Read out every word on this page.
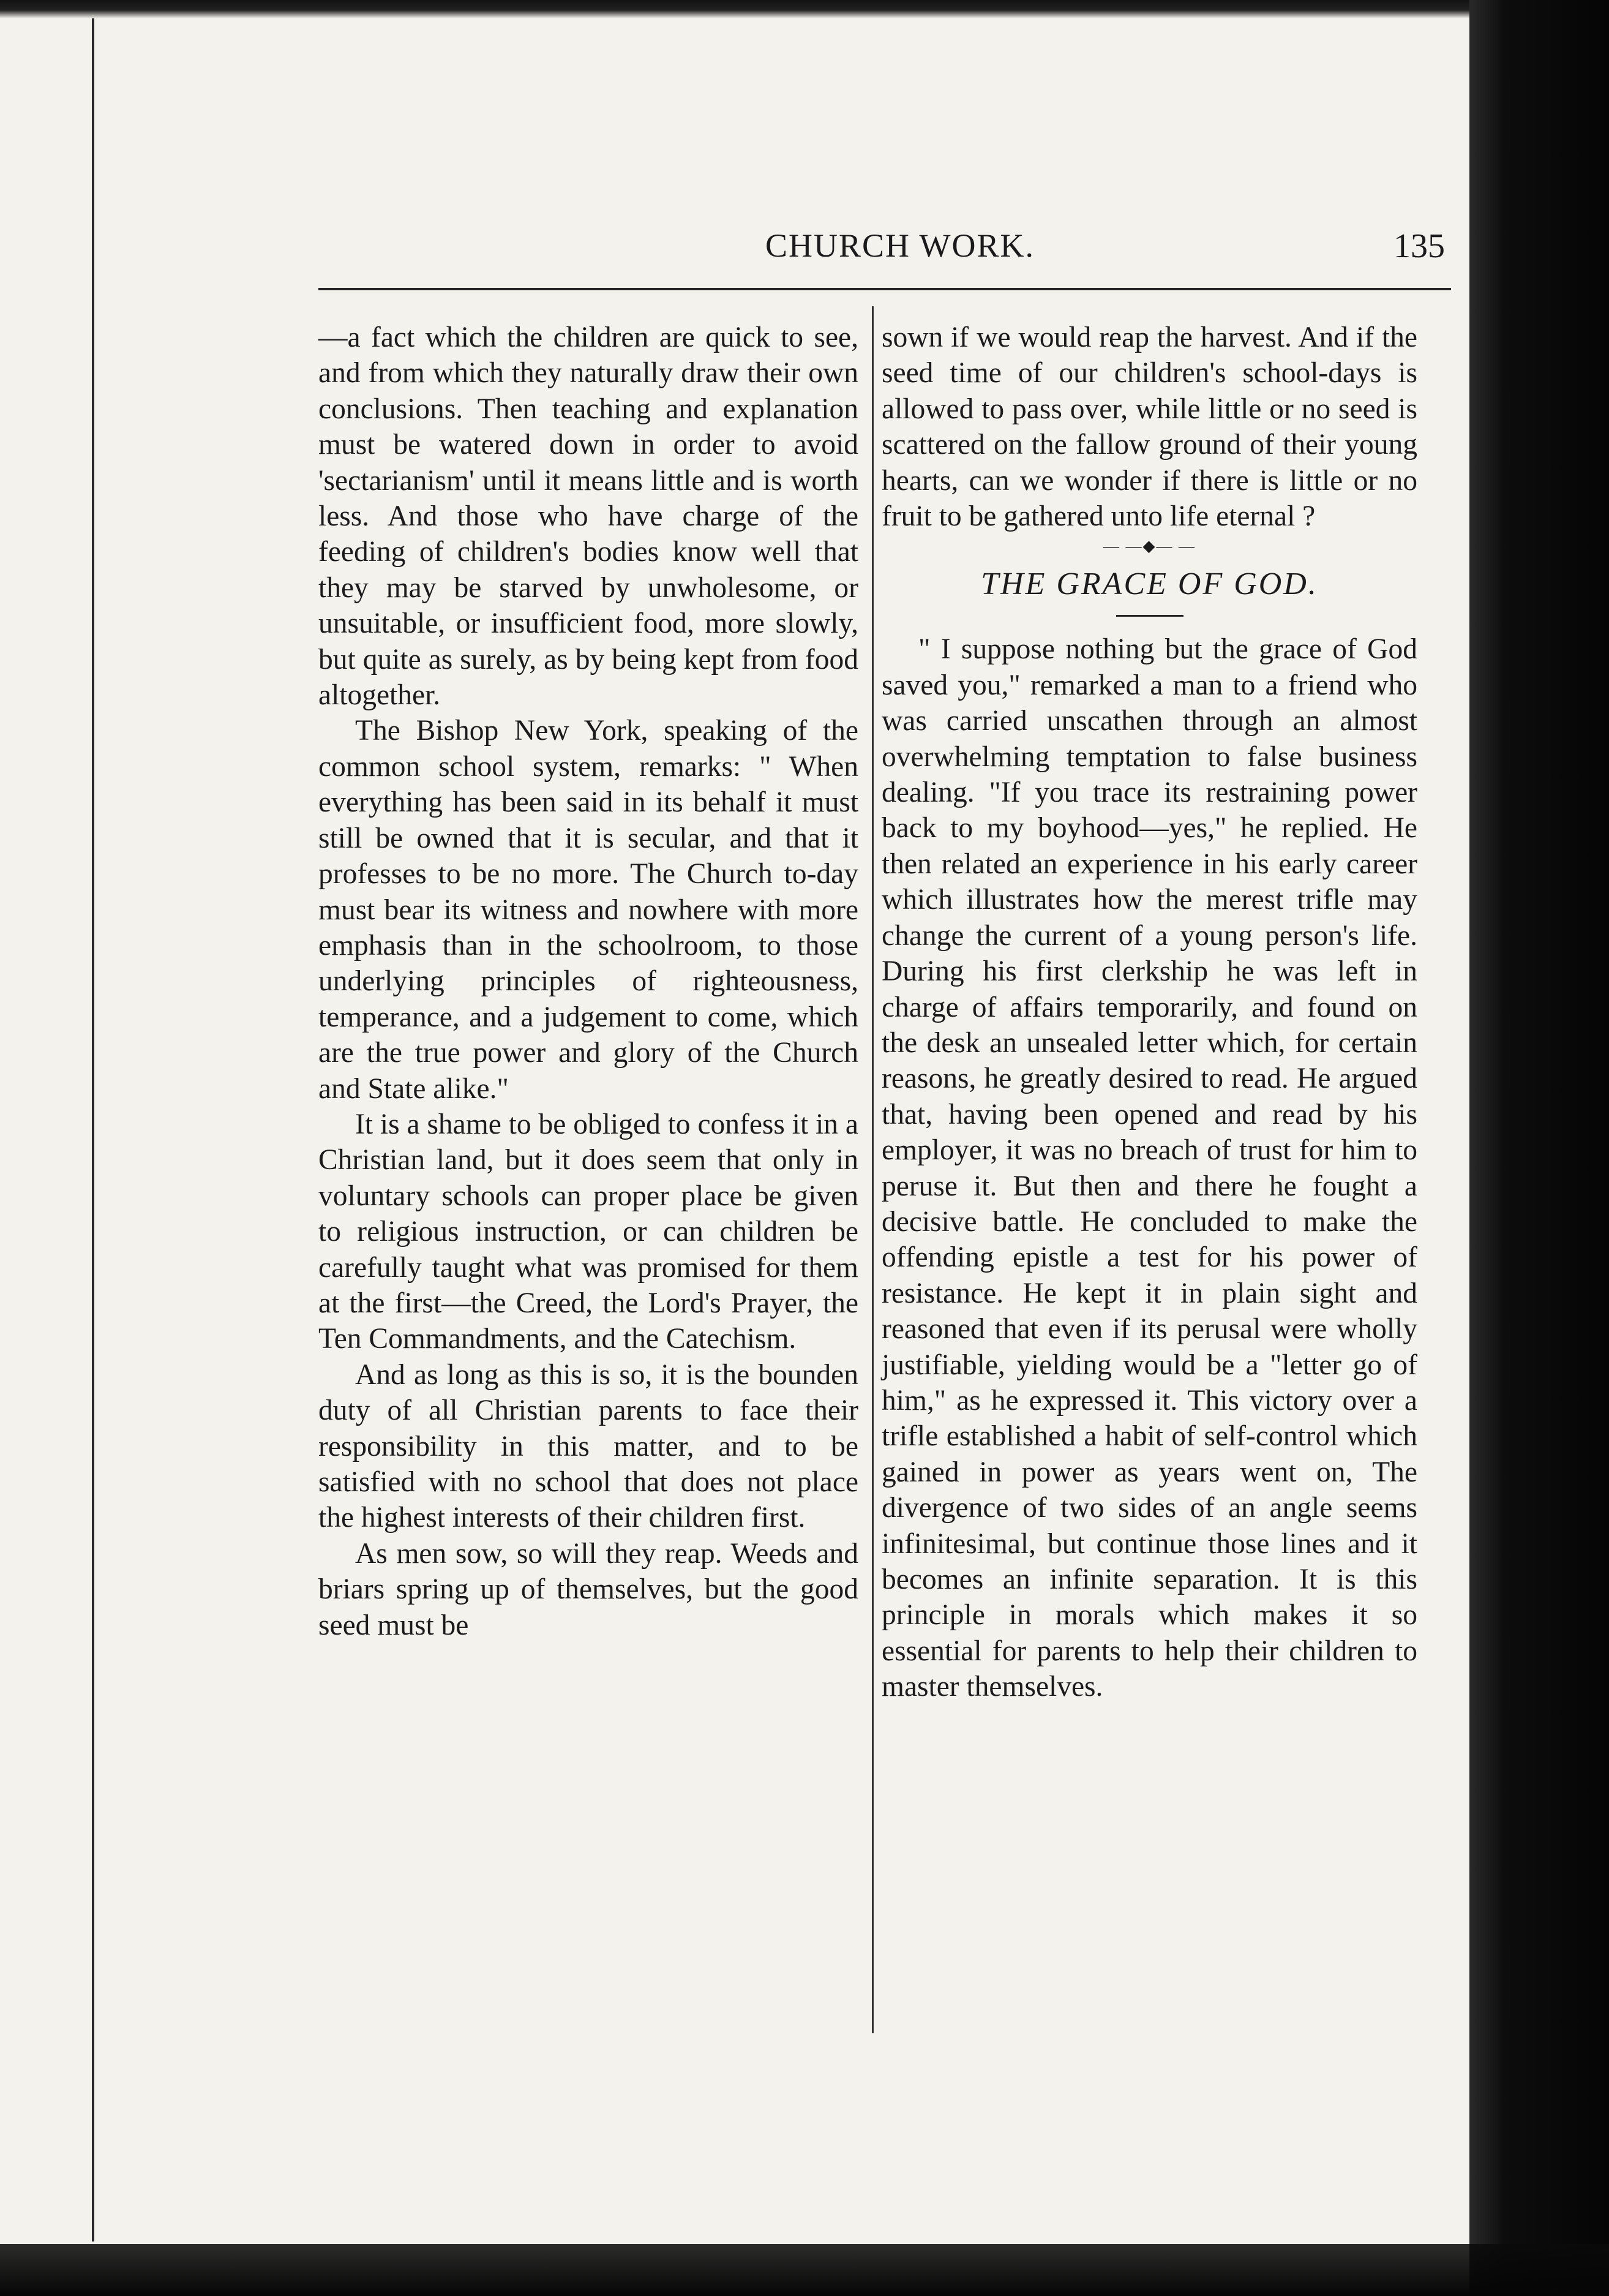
CHURCH WORK.	135

—a fact which the children are quick to see, and from which they naturally draw their own conclusions. Then teaching and explanation must be watered down in order to avoid 'sectarianism' until it means little and is worth less. And those who have charge of the feeding of children's bodies know well that they may be starved by unwholesome, or unsuitable, or insufficient food, more slowly, but quite as surely, as by being kept from food altogether.

The Bishop New York, speaking of the common school system, remarks: " When everything has been said in its behalf it must still be owned that it is secular, and that it professes to be no more. The Church to-day must bear its witness and nowhere with more emphasis than in the schoolroom, to those underlying principles of righteousness, temperance, and a judgement to come, which are the true power and glory of the Church and State alike."

It is a shame to be obliged to confess it in a Christian land, but it does seem that only in voluntary schools can proper place be given to religious instruction, or can children be carefully taught what was promised for them at the first—the Creed, the Lord's Prayer, the Ten Commandments, and the Catechism.

And as long as this is so, it is the bounden duty of all Christian parents to face their responsibility in this matter, and to be satisfied with no school that does not place the highest interests of their children first.

As men sow, so will they reap. Weeds and briars spring up of themselves, but the good seed must be

sown if we would reap the harvest. And if the seed time of our children's school-days is allowed to pass over, while little or no seed is scattered on the fallow ground of their young hearts, can we wonder if there is little or no fruit to be gathered unto life eternal ?

— —◆— —
THE GRACE OF GOD.

" I suppose nothing but the grace of God saved you," remarked a man to a friend who was carried unscathen through an almost overwhelming temptation to false business dealing. "If you trace its restraining power back to my boyhood—yes," he replied. He then related an experience in his early career which illustrates how the merest trifle may change the current of a young person's life. During his first clerkship he was left in charge of affairs temporarily, and found on the desk an unsealed letter which, for certain reasons, he greatly desired to read. He argued that, having been opened and read by his employer, it was no breach of trust for him to peruse it. But then and there he fought a decisive battle. He concluded to make the offending epistle a test for his power of resistance. He kept it in plain sight and reasoned that even if its perusal were wholly justifiable, yielding would be a "letter go of him," as he expressed it. This victory over a trifle established a habit of self-control which gained in power as years went on, The divergence of two sides of an angle seems infinitesimal, but continue those lines and it becomes an infinite separation. It is this principle in morals which makes it so essential for parents to help their children to master themselves.
